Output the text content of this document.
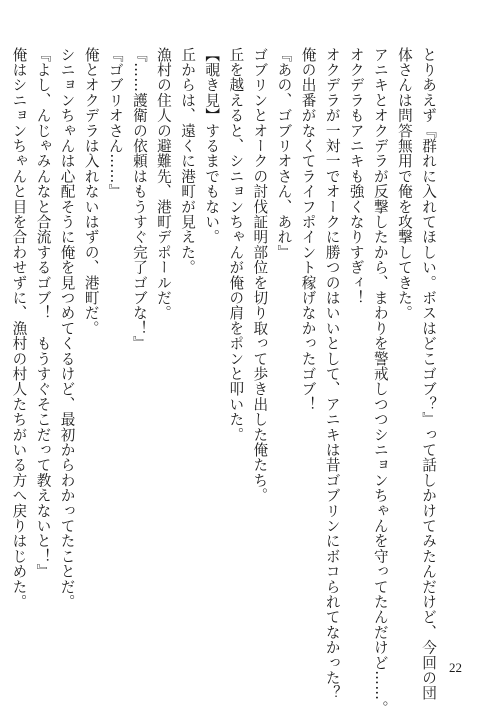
とりあえず『群れに入れてほしい。ボスはどこゴブ？』って話しかけてみたんだけど、今回の団
体さんは問答無用で俺を攻撃してきた。
アニキとオクデラが反撃したから、まわりを警戒しつつシニョンちゃんを守ってたんだけど……。
オクデラもアニキも強くなりすぎィ！
オクデラが一対一でオークに勝つのはいいとして、アニキは昔ゴブリンにボコられてなかった？
俺の出番がなくてライフポイント稼げなかったゴブ！
『あの、ゴブリオさん、あれ』
ゴブリンとオークの討伐証明部位を切り取って歩き出した俺たち。
丘を越えると、シニョンちゃんが俺の肩をポンと叩いた。
【覗き見】するまでもない。
丘からは、遠くに港町が見えた。
漁村の住人の避難先、港町デポールだ。
『……護衛の依頼はもうすぐ完了ゴブな！』
『ゴブリオさん……』
俺とオクデラは入れないはずの、港町だ。
シニョンちゃんは心配そうに俺を見つめてくるけど、最初からわかってたことだ。
『よし、んじゃみんなと合流するゴブ！　もうすぐそこだって教えないと！』
俺はシニョンちゃんと目を合わせずに、漁村の村人たちがいる方へ戻りはじめた。
22
